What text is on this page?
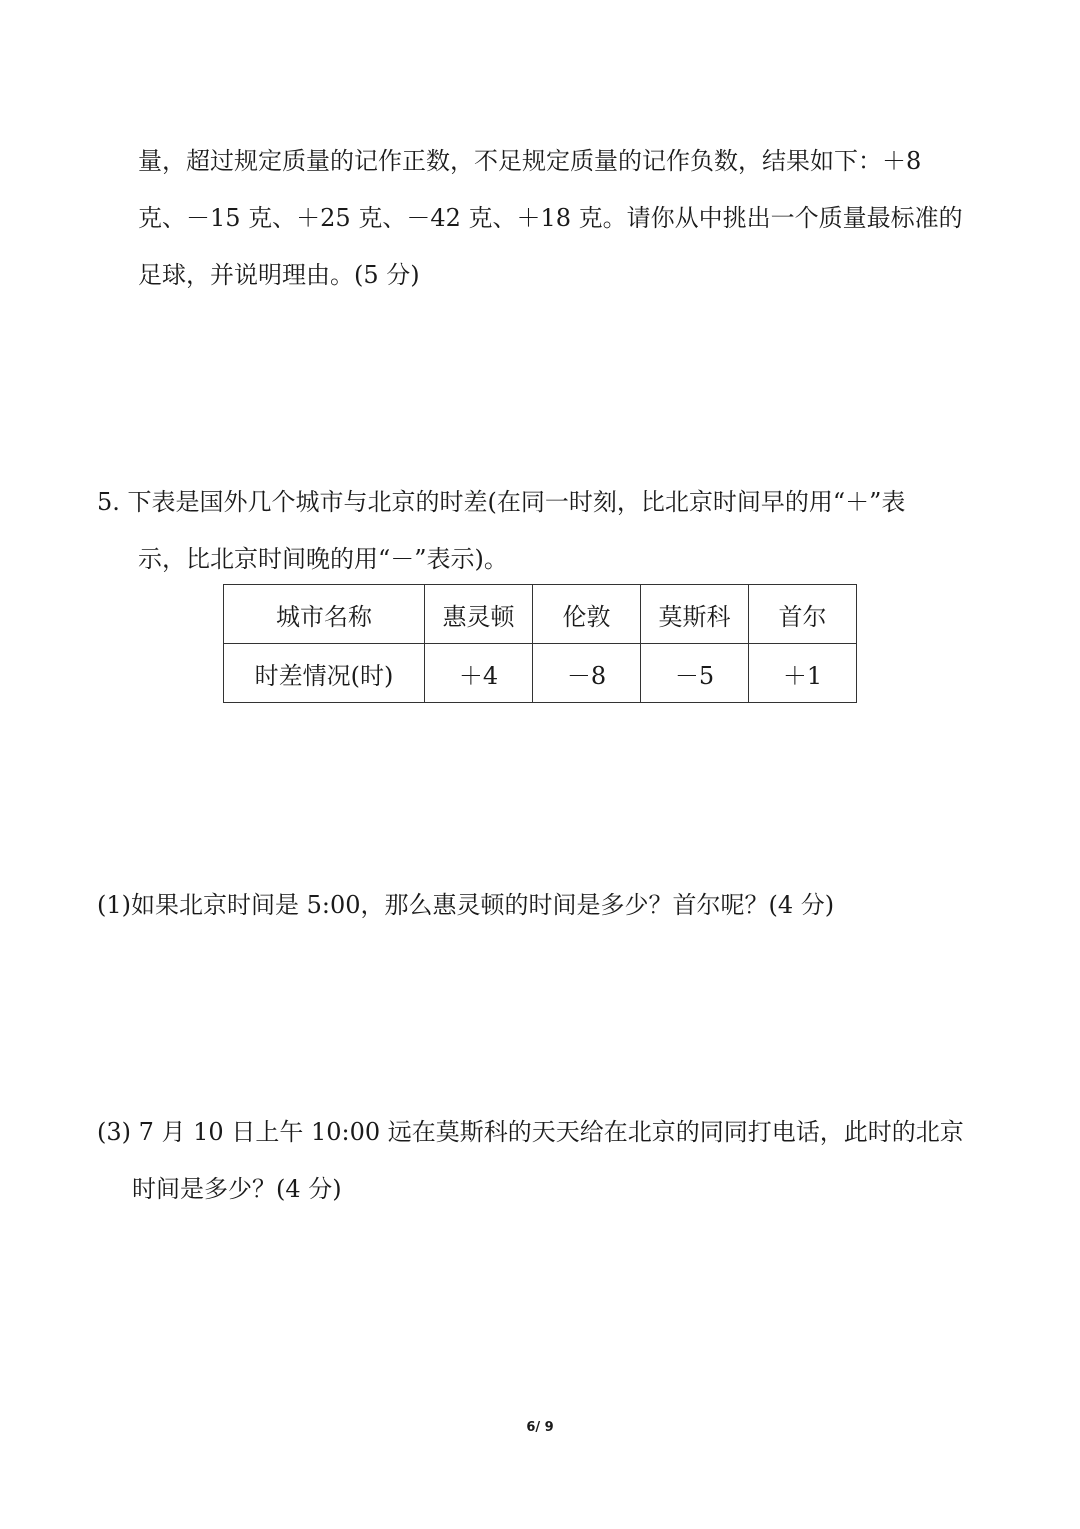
量，超过规定质量的记作正数，不足规定质量的记作负数，结果如下：＋8
克、－15 克、＋25 克、－42 克、＋18 克。请你从中挑出一个质量最标准的
足球，并说明理由。(5 分)
5. 下表是国外几个城市与北京的时差(在同一时刻，比北京时间早的用“＋”表
示，比北京时间晚的用“－”表示)。
城市名称	惠灵顿	伦敦	莫斯科	首尔
时差情况(时)	＋4	－8	－5	＋1
(1)如果北京时间是 5:00，那么惠灵顿的时间是多少？首尔呢？(4 分)
(3) 7 月 10 日上午 10:00 远在莫斯科的天天给在北京的同同打电话，此时的北京
时间是多少？(4 分)
6/ 9
